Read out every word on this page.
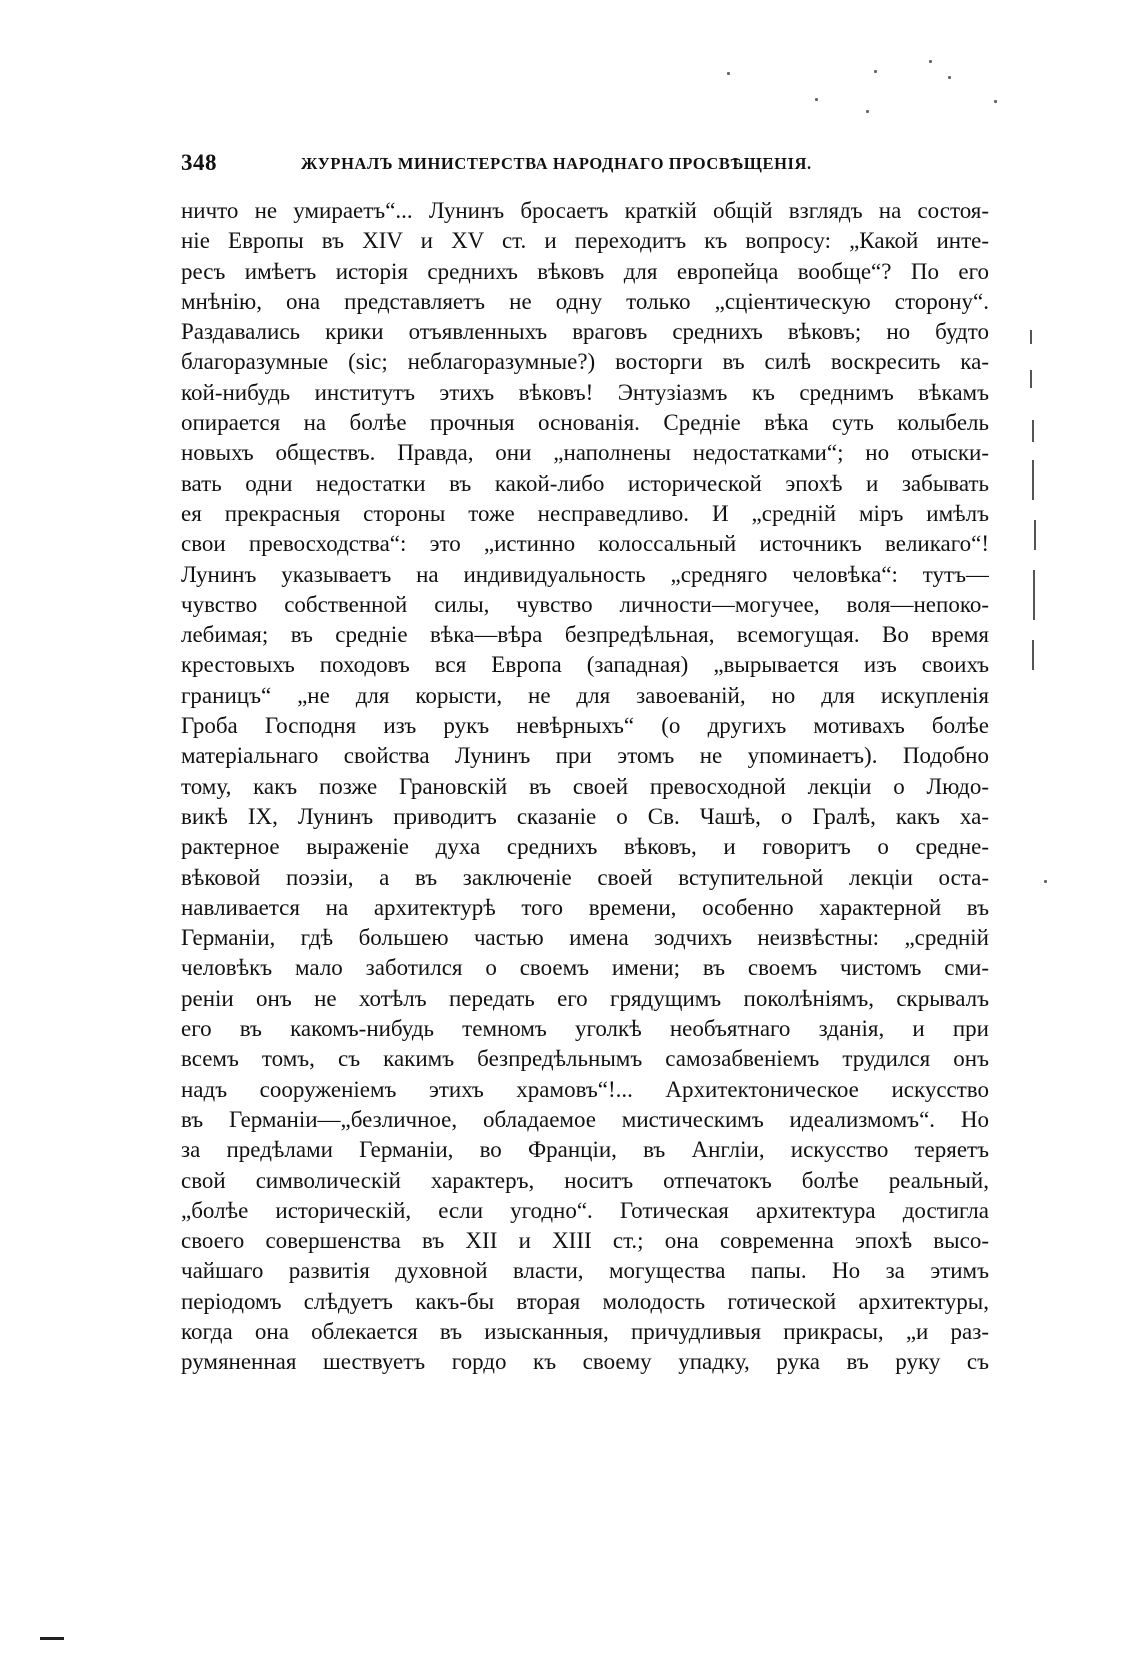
348	ЖУРНАЛЪ МИНИСТЕРСТВА НАРОДНАГО ПРОСВѢЩЕНІЯ.
ничто не умираетъ“... Лунинъ бросаетъ краткій общій взглядъ на состоя-
ніе Европы въ XIV и XV ст. и переходитъ къ вопросу: „Какой инте-
ресъ имѣетъ исторія среднихъ вѣковъ для европейца вообще“? По его
мнѣнію, она представляетъ не одну только „сціентическую сторону“.
Раздавались крики отъявленныхъ враговъ среднихъ вѣковъ; но будто
благоразумные (sic; неблагоразумные?) восторги въ силѣ воскресить ка-
кой-нибудь институтъ этихъ вѣковъ! Энтузіазмъ къ среднимъ вѣкамъ
опирается на болѣе прочныя основанія. Средніе вѣка суть колыбель
новыхъ обществъ. Правда, они „наполнены недостатками“; но отыски-
вать одни недостатки въ какой-либо исторической эпохѣ и забывать
ея прекрасныя стороны тоже несправедливо. И „средній міръ имѣлъ
свои превосходства“: это „истинно колоссальный источникъ великаго“!
Лунинъ указываетъ на индивидуальность „средняго человѣка“: тутъ—
чувство собственной силы, чувство личности—могучее, воля—непоко-
лебимая; въ средніе вѣка—вѣра безпредѣльная, всемогущая. Во время
крестовыхъ походовъ вся Европа (западная) „вырывается изъ своихъ
границъ“ „не для корысти, не для завоеваній, но для искупленія
Гроба Господня изъ рукъ невѣрныхъ“ (о другихъ мотивахъ болѣе
матеріальнаго свойства Лунинъ при этомъ не упоминаетъ). Подобно
тому, какъ позже Грановскій въ своей превосходной лекціи о Людо-
викѣ IX, Лунинъ приводитъ сказаніе о Св. Чашѣ, о Гралѣ, какъ ха-
рактерное выраженіе духа среднихъ вѣковъ, и говоритъ о средне-
вѣковой поэзіи, а въ заключеніе своей вступительной лекціи оста-
навливается на архитектурѣ того времени, особенно характерной въ
Германіи, гдѣ большею частью имена зодчихъ неизвѣстны: „средній
человѣкъ мало заботился о своемъ имени; въ своемъ чистомъ сми-
реніи онъ не хотѣлъ передать его грядущимъ поколѣніямъ, скрывалъ
его въ какомъ-нибудь темномъ уголкѣ необъятнаго зданія, и при
всемъ томъ, съ какимъ безпредѣльнымъ самозабвеніемъ трудился онъ
надъ сооруженіемъ этихъ храмовъ“!... Архитектоническое искусство
въ Германіи—„безличное, обладаемое мистическимъ идеализмомъ“. Но
за предѣлами Германіи, во Франціи, въ Англіи, искусство теряетъ
свой символическій характеръ, носитъ отпечатокъ болѣе реальный,
„болѣе историческій, если угодно“. Готическая архитектура достигла
своего совершенства въ XII и XIII ст.; она современна эпохѣ высо-
чайшаго развитія духовной власти, могущества папы. Но за этимъ
періодомъ слѣдуетъ какъ-бы вторая молодость готической архитектуры,
когда она облекается въ изысканныя, причудливыя прикрасы, „и раз-
румяненная шествуетъ гордо къ своему упадку, рука въ руку съ
